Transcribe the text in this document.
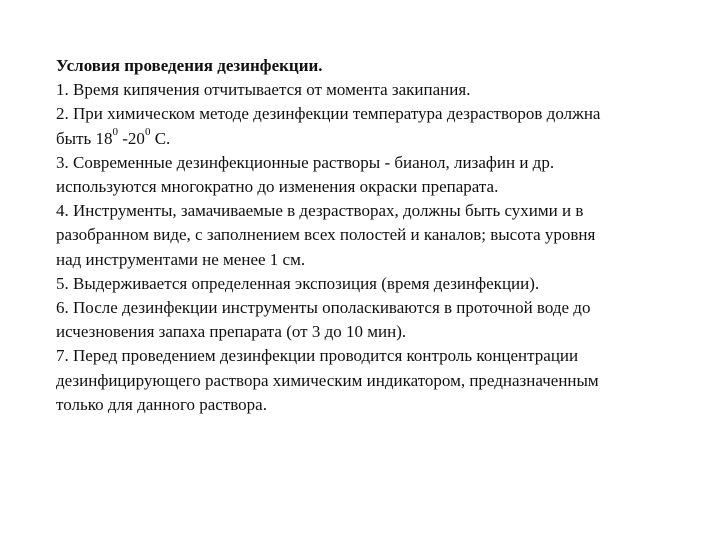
Условия проведения дезинфекции.

1. Время кипячения отчитывается от момента закипания.

2. При химическом методе дезинфекции температура дезрастворов должна быть $18^0$ $-20^0$ С.

3. Современные дезинфекционные растворы - бианол, лизафин и др. используются многократно до изменения окраски препарата.

4. Инструменты, замачиваемые в дезрастворах, должны быть сухими и в разобранном виде, с заполнением всех полостей и каналов; высота уровня над инструментами не менее 1 см.

5. Выдерживается определенная экспозиция (время дезинфекции).

6. После дезинфекции инструменты ополаскиваются в проточной воде до исчезновения запаха препарата (от 3 до 10 мин).

7. Перед проведением дезинфекции проводится контроль концентрации дезинфицирующего раствора химическим индикатором, предназначенным только для данного раствора.
